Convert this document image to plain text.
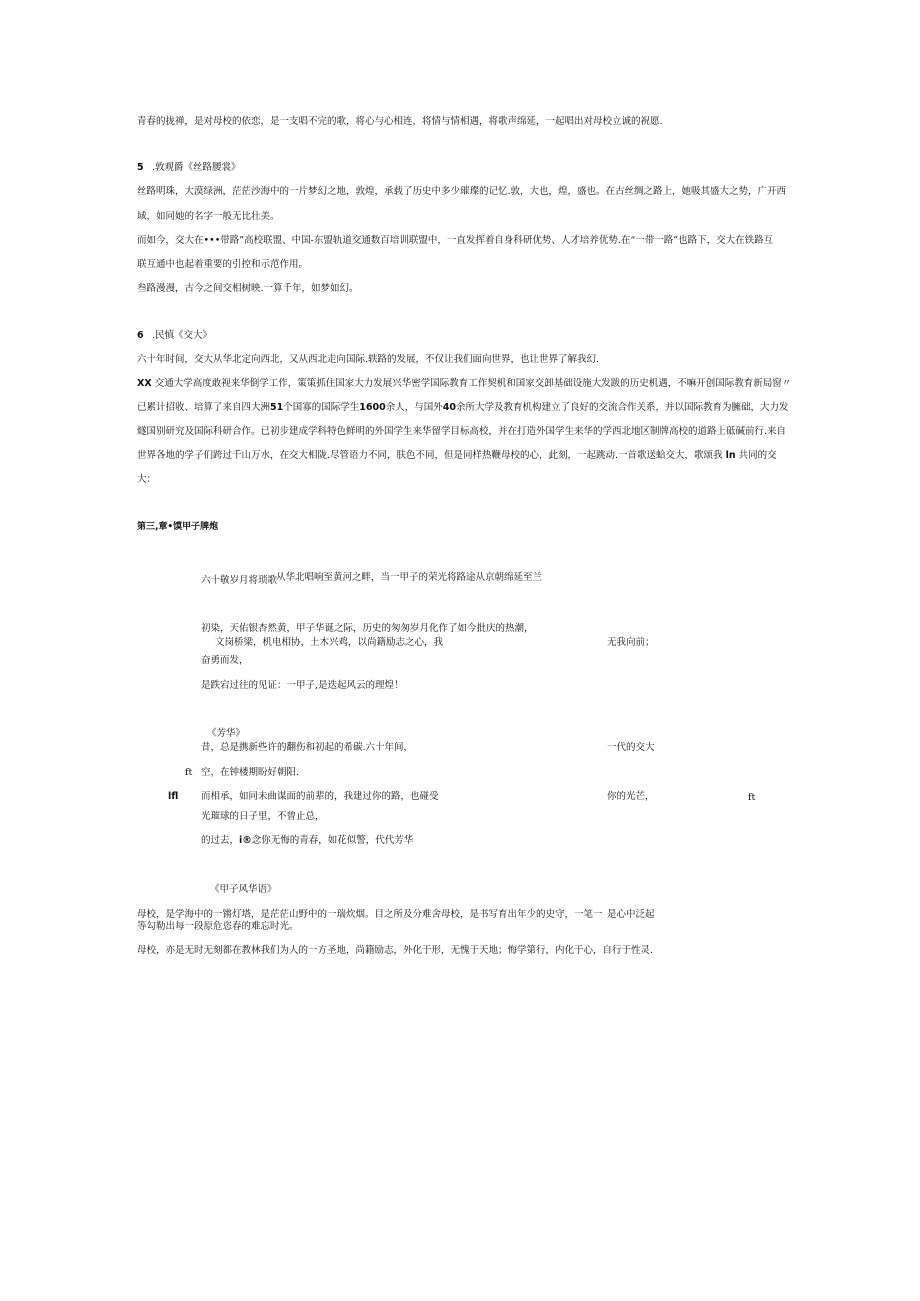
青春的拢禅，是对母校的依恋，是一支唱不完的歌，将心与心相连，将情与情相遇，将歌声绵延，一起唱出对母校立诚的祝愿.
5 .敦观爵《丝路腰裳》
丝路明珠，大漠绿洲，茫茫沙海中的一片梦幻之地，敦煌，承载了历史中多少璀璨的记忆.敦，大也，煌，盛也。在古丝绸之路上，她吸其盛大之势，广开西
域，如同她的名字一般无比壮美。
而如今，交大在•••带路”高校联盟、中国-东盟轨道交通数百培训联盟中，一直发挥着自身科研优势、人才培养优势.在“一带一路”也路下，交大在铁路互
联互通中也起着重要的引控和示范作用。
叁路漫漫，古今之间交相树映.一算千年，如梦如幻。
6 .民慎《交大》
六十年时间，交大从华北定向西北，又从西北走向国际.轶路的发展，不仅让我们面向世界，也让世界了解我幻.
XX 交通大学高度敢视来华倒学工作，策策抓住国家大力发展兴华密学国际教育工作契机和国家交卸基础设施大发跋的历史机遇，不嘛开创国际教育新局窗〃
已累计招收、培算了来自四大洲51个国寡的国际学生1600余人，与国外40余所大学及教育机构建立了良好的交流合作关系，并以国际教育为臃础，大力发
燧国别研究及国际科研合作。已初步建成学科特色鲜明的外国学生来华留学目标高校，并在打造外国学生来华的学西北地区制牌高校的道路上砥碱前行.来自
世界各地的学子们跨过千山万水，在交大相陇.尽管语力不同，肤色不同，但是同样热鞭母校的心，此刻，一起跳动.一首歌送蛤交大，歌颂我 ln 共同的交
大：
第三,章•馍甲子牌炮
六十敬岁月将琐歌
从华北唱响至黄河之畔，当一甲子的荣光将路途从京朝绵延至兰
初染，天佑银杏然黄，甲子华诞之际，历史的匆匆岁月化作了如今批庆的热潮，
文岗桥梁，机电相协，土木兴鸡，以尚籍励志之心，我	无我向前；
奋勇而发，
是跌宕过往的见证：一甲子,是迭起风云的理煌！
《芳华》
昔，总是携新些许的翻伤和初起的希碳.六十年间，	一代的交大
ft 空，在钟楼期盼好朝阳.
lfl 而相承，如同未曲谋面的前辈的，我建过你的路，也碰受	你的光芒，	ft
光璀球的日子里，不曾止总，
的过去，i®念你无悔的青春，如花似警，代代芳华
《甲子风华语》
母校，是学海中的一锵灯塔，是茫茫山野中的一瑞炊烟。目之所及分难舍母校，是书写育出年少的史守，一笔一 是心中泛起
等勾勒出每一段原危恣春的难忘时光。
母校，亦是无时无刻都在教林我们为人的一方圣地，尚籍励志，外化于形，无愧于天地；悔学第行，内化于心，自行于性灵.
